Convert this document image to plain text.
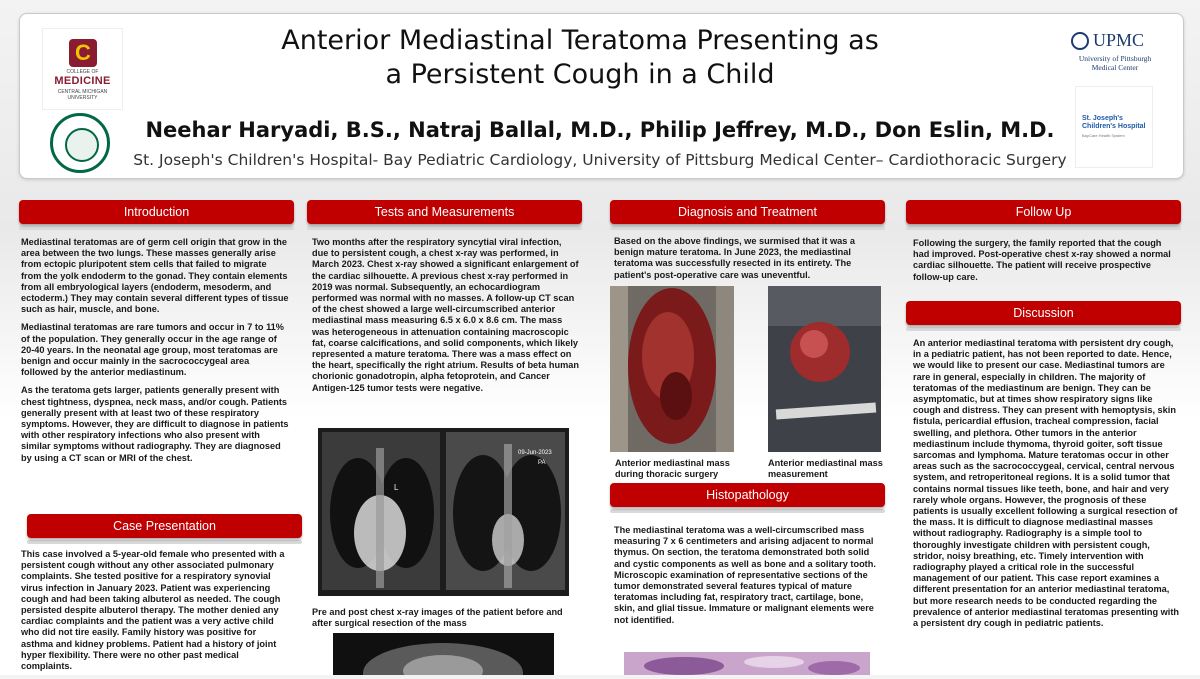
C
COLLEGE OF
MEDICINE
CENTRAL MICHIGAN UNIVERSITY
UPMC
University of Pittsburgh Medical Center
St. Joseph's
Children's Hospital
BayCare Health System
Anterior Mediastinal Teratoma Presenting as
a Persistent Cough in a Child
Neehar Haryadi, B.S., Natraj Ballal, M.D., Philip Jeffrey, M.D., Don Eslin, M.D.
St. Joseph's Children's Hospital- Bay Pediatric Cardiology, University of Pittsburg Medical Center– Cardiothoracic Surgery
Introduction

Mediastinal teratomas are of germ cell origin that grow in the area between the two lungs. These masses generally arise from ectopic pluripotent stem cells that failed to migrate from the yolk endoderm to the gonad. They contain elements from all embryological layers (endoderm, mesoderm, and ectoderm.) They may contain several different types of tissue such as hair, muscle, and bone.

Mediastinal teratomas are rare tumors and occur in 7 to 11% of the population. They generally occur in the age range of 20-40 years. In the neonatal age group, most teratomas are benign and occur mainly in the sacrococcygeal area followed by the anterior mediastinum.

As the teratoma gets larger, patients generally present with chest tightness, dyspnea, neck mass, and/or cough. Patients generally present with at least two of these respiratory symptoms. However, they are difficult to diagnose in patients with other respiratory infections who also present with similar symptoms without radiography. They are diagnosed by using a CT scan or MRI of the chest.

Case Presentation

This case involved a 5-year-old female who presented with a persistent cough without any other associated pulmonary complaints. She tested positive for a respiratory synovial virus infection in January 2023. Patient was experiencing cough and had been taking albuterol as needed. The cough persisted despite albuterol therapy. The mother denied any cardiac complaints and the patient was a very active child who did not tire easily. Family history was positive for asthma and kidney problems. Patient had a history of joint hyper flexibility. There were no other past medical complaints.

Tests and Measurements

Two months after the respiratory syncytial viral infection, due to persistent cough, a chest x-ray was performed, in March 2023. Chest x-ray showed a significant enlargement of the cardiac silhouette. A previous chest x-ray performed in 2019 was normal. Subsequently, an echocardiogram performed was normal with no masses. A follow-up CT scan of the chest showed a large well-circumscribed anterior mediastinal mass measuring 6.5 x 6.0 x 8.6 cm. The mass was heterogeneous in attenuation containing macroscopic fat, coarse calcifications, and solid components, which likely represented a mature teratoma. There was a mass effect on the heart, specifically the right atrium. Results of beta human chorionic gonadotropin, alpha fetoprotein, and Cancer Antigen-125 tumor tests were negative.

L
09-Jun-2023
PA
Pre and post chest x-ray images of the patient before and after surgical resection of the mass
Diagnosis and Treatment

Based on the above findings, we surmised that it was a benign mature teratoma. In June 2023, the mediastinal teratoma was successfully resected in its entirety. The patient's post-operative care was uneventful.

Anterior mediastinal mass during thoracic surgery
Anterior mediastinal mass measurement
Histopathology

The mediastinal teratoma was a well-circumscribed mass measuring 7 x 6 centimeters and arising adjacent to normal thymus. On section, the teratoma demonstrated both solid and cystic components as well as bone and a solitary tooth. Microscopic examination of representative sections of the tumor demonstrated several features typical of mature teratomas including fat, respiratory tract, cartilage, bone, skin, and glial tissue. Immature or malignant elements were not identified.

Follow Up

Following the surgery, the family reported that the cough had improved. Post-operative chest x-ray showed a normal cardiac silhouette. The patient will receive prospective follow-up care.

Discussion

An anterior mediastinal teratoma with persistent dry cough, in a pediatric patient, has not been reported to date. Hence, we would like to present our case. Mediastinal tumors are rare in general, especially in children. The majority of teratomas of the mediastinum are benign. They can be asymptomatic, but at times show respiratory signs like cough and distress. They can present with hemoptysis, skin fistula, pericardial effusion, tracheal compression, facial swelling, and plethora. Other tumors in the anterior mediastinum include thymoma, thyroid goiter, soft tissue sarcomas and lymphoma. Mature teratomas occur in other areas such as the sacrococcygeal, cervical, central nervous system, and retroperitoneal regions. It is a solid tumor that contains normal tissues like teeth, bone, and hair and very rarely whole organs. However, the prognosis of these patients is usually excellent following a surgical resection of the mass. It is difficult to diagnose mediastinal masses without radiography. Radiography is a simple tool to thoroughly investigate children with persistent cough, stridor, noisy breathing, etc. Timely intervention with radiography played a critical role in the successful management of our patient. This case report examines a different presentation for an anterior mediastinal teratoma, but more research needs to be conducted regarding the prevalence of anterior mediastinal teratomas presenting with a persistent dry cough in pediatric patients.
